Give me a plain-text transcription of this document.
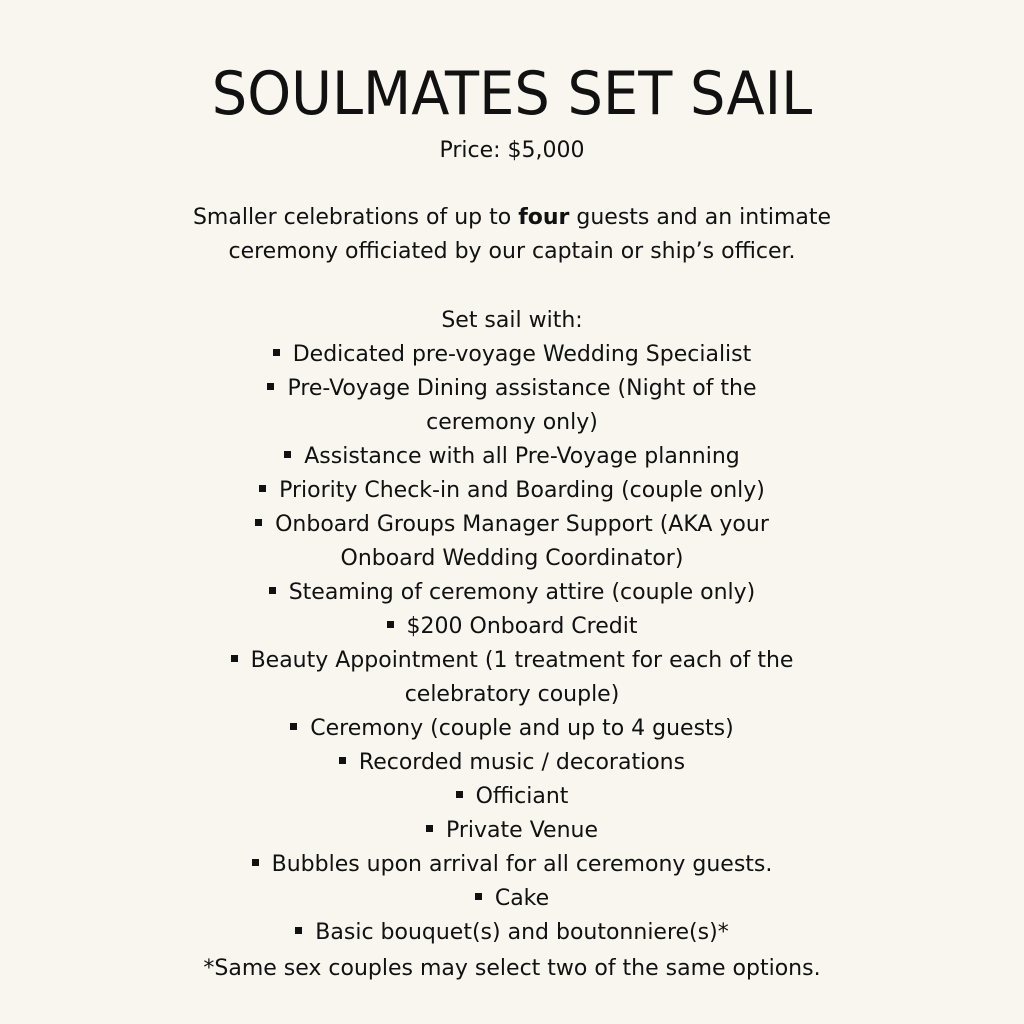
SOULMATES SET SAIL

Price: $5,000

Smaller celebrations of up to four guests and an intimate
ceremony officiated by our captain or ship’s officer.

Set sail with:

Dedicated pre-voyage Wedding Specialist
Pre-Voyage Dining assistance (Night of the
ceremony only)
Assistance with all Pre-Voyage planning
Priority Check-in and Boarding (couple only)
Onboard Groups Manager Support (AKA your
Onboard Wedding Coordinator)
Steaming of ceremony attire (couple only)
$200 Onboard Credit
Beauty Appointment (1 treatment for each of the
celebratory couple)
Ceremony (couple and up to 4 guests)
Recorded music / decorations
Officiant
Private Venue
Bubbles upon arrival for all ceremony guests.
Cake
Basic bouquet(s) and boutonniere(s)*

*Same sex couples may select two of the same options.
